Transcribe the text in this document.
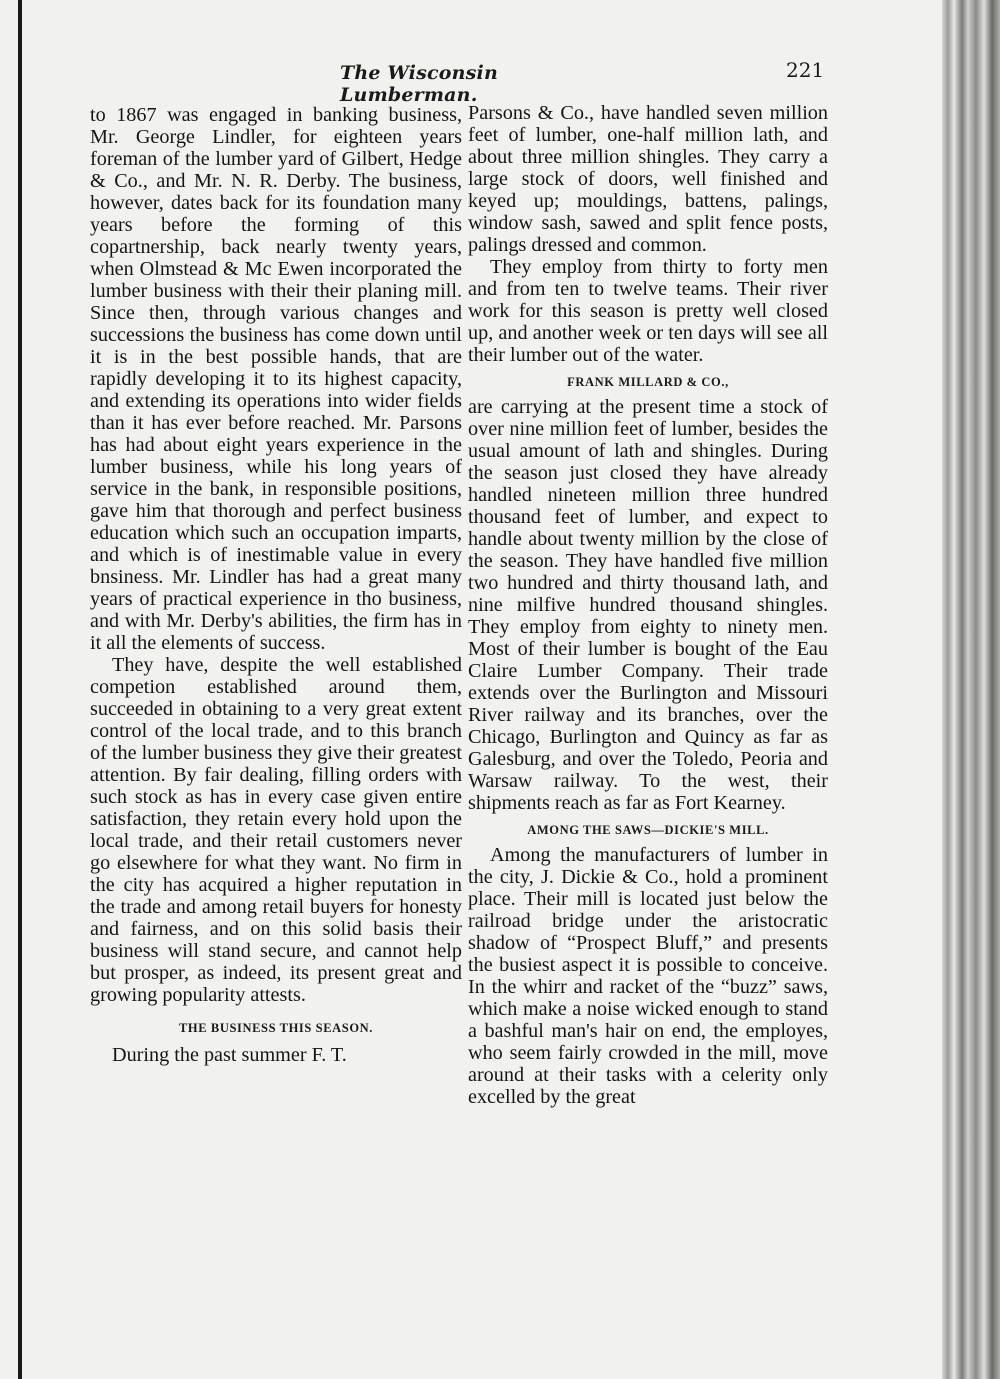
The Wisconsin Lumberman.
221

to 1867 was engaged in banking business, Mr. George Lindler, for eighteen years foreman of the lumber yard of Gilbert, Hedge & Co., and Mr. N. R. Derby. The business, however, dates back for its foundation many years before the forming of this copartnership, back nearly twenty years, when Olmstead & Mc Ewen incorporated the lumber business with their their planing mill. Since then, through various changes and successions the business has come down until it is in the best possible hands, that are rapidly developing it to its highest capacity, and extending its operations into wider fields than it has ever before reached. Mr. Parsons has had about eight years experience in the lumber business, while his long years of service in the bank, in responsible positions, gave him that thorough and perfect business education which such an occupation imparts, and which is of inestimable value in every bnsiness. Mr. Lindler has had a great many years of practical experience in tho business, and with Mr. Derby's abilities, the firm has in it all the elements of success.

They have, despite the well established competion established around them, succeeded in obtaining to a very great extent control of the local trade, and to this branch of the lumber business they give their greatest attention. By fair dealing, filling orders with such stock as has in every case given entire satisfaction, they retain every hold upon the local trade, and their retail customers never go elsewhere for what they want. No firm in the city has acquired a higher reputation in the trade and among retail buyers for honesty and fairness, and on this solid basis their business will stand secure, and cannot help but prosper, as indeed, its present great and growing popularity attests.

THE BUSINESS THIS SEASON.

During the past summer F. T.

Parsons & Co., have handled seven million feet of lumber, one-half million lath, and about three million shingles. They carry a large stock of doors, well finished and keyed up; mouldings, battens, palings, window sash, sawed and split fence posts, palings dressed and common.

They employ from thirty to forty men and from ten to twelve teams. Their river work for this season is pretty well closed up, and another week or ten days will see all their lumber out of the water.

FRANK MILLARD & CO.,

are carrying at the present time a stock of over nine million feet of lumber, besides the usual amount of lath and shingles. During the season just closed they have already handled nineteen million three hundred thousand feet of lumber, and expect to handle about twenty million by the close of the season. They have handled five million two hundred and thirty thousand lath, and nine milfive hundred thousand shingles. They employ from eighty to ninety men. Most of their lumber is bought of the Eau Claire Lumber Company. Their trade extends over the Burlington and Missouri River railway and its branches, over the Chicago, Burlington and Quincy as far as Galesburg, and over the Toledo, Peoria and Warsaw railway. To the west, their shipments reach as far as Fort Kearney.

AMONG THE SAWS—DICKIE'S MILL.

Among the manufacturers of lumber in the city, J. Dickie & Co., hold a prominent place. Their mill is located just below the railroad bridge under the aristocratic shadow of “Prospect Bluff,” and presents the busiest aspect it is possible to conceive. In the whirr and racket of the “buzz” saws, which make a noise wicked enough to stand a bashful man's hair on end, the employes, who seem fairly crowded in the mill, move around at their tasks with a celerity only excelled by the great
